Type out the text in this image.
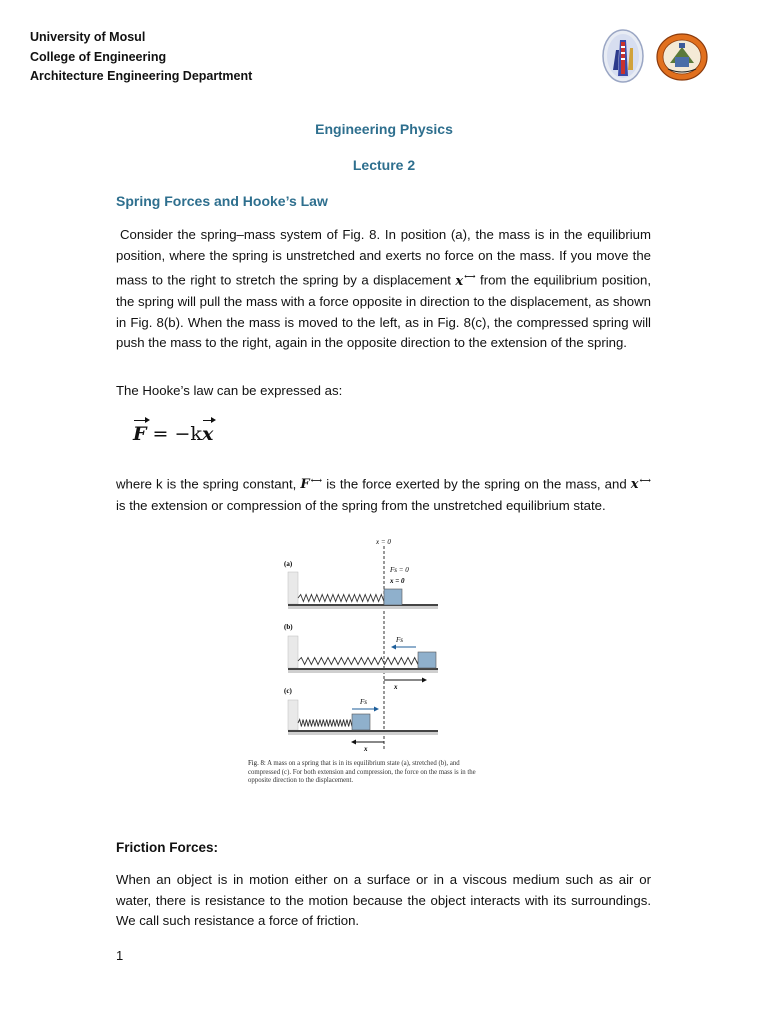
University of Mosul
College of Engineering
Architecture Engineering Department
Engineering Physics
Lecture 2
Spring Forces and Hooke’s Law
Consider the spring–mass system of Fig. 8. In position (a), the mass is in the equilibrium position, where the spring is unstretched and exerts no force on the mass. If you move the mass to the right to stretch the spring by a displacement x⟷ from the equilibrium position, the spring will pull the mass with a force opposite in direction to the displacement, as shown in Fig. 8(b). When the mass is moved to the left, as in Fig. 8(c), the compressed spring will push the mass to the right, again in the opposite direction to the extension of the spring.
The Hooke’s law can be expressed as:
F = −kx
where k is the spring constant, F⟷ is the force exerted by the spring on the mass, and x⟷ is the extension or compression of the spring from the unstretched equilibrium state.
x = 0
(a)
Fs = 0
x = 0
(b)
Fs
x
(c)
Fs
x
Fig. 8: A mass on a spring that is in its equilibrium state (a), stretched (b), and compressed (c). For both extension and compression, the force on the mass is in the opposite direction to the displacement.
Friction Forces:
When an object is in motion either on a surface or in a viscous medium such as air or water, there is resistance to the motion because the object interacts with its surroundings. We call such resistance a force of friction.
1
